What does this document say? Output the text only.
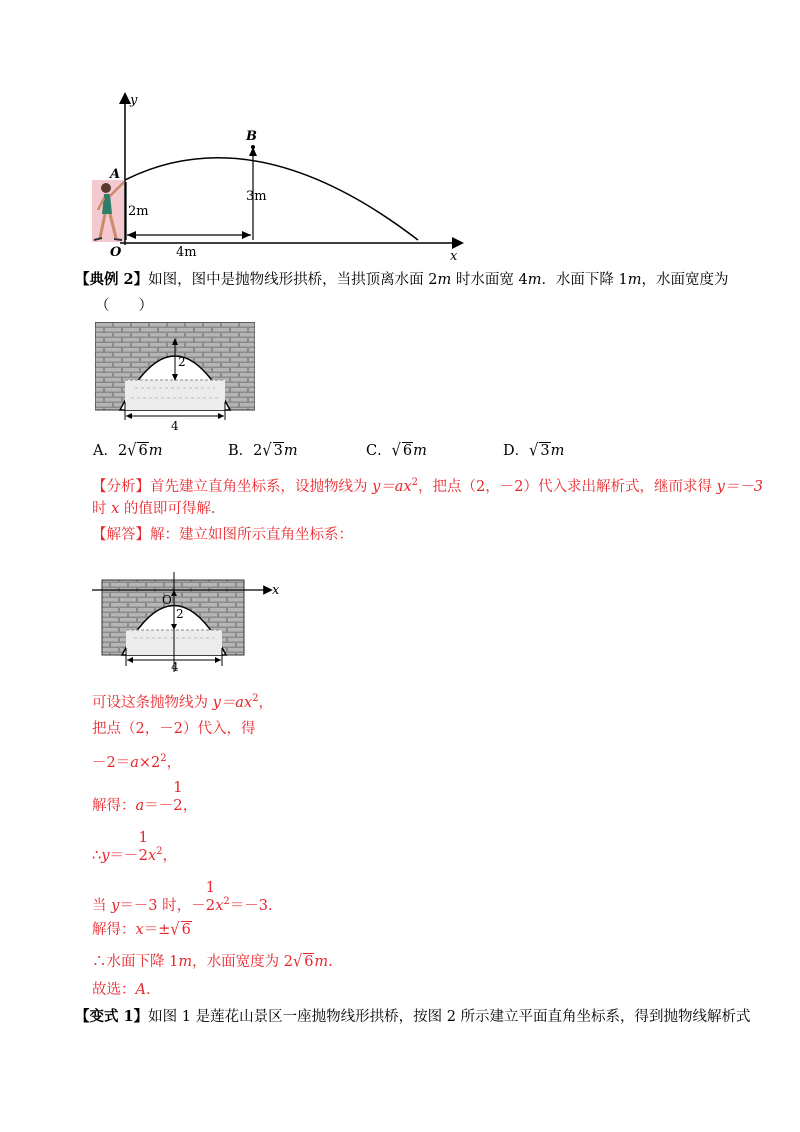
y
x
O
A
B
2m
3m
4m
【典例 2】如图，图中是抛物线形拱桥，当拱顶离水面 2m 时水面宽 4m．水面下降 1m，水面宽度为
（　　）
2
4
A．2√ 6m	B．2√ 3m	C．√ 6m	D．√ 3m
【分析】首先建立直角坐标系，设抛物线为 $y=ax^2$，把点（2，－2）代入求出解析式，继而求得 y＝－3
时 x 的值即可得解.
【解答】解：建立如图所示直角坐标系：
x
O
2
4
可设这条抛物线为 $y=ax^2$，
把点（2，－2）代入，得
$-2=a\times 2^2$，
解得：a＝－
1
2 ，
∴y＝－
1
2 $x^2$，
当 y＝－3 时，－
1
2 $x^2=-3$.
解得：x＝±√ 6
∴水面下降 1m，水面宽度为 2√ 6m.
故选：A.
【变式 1】如图 1 是莲花山景区一座抛物线形拱桥，按图 2 所示建立平面直角坐标系，得到抛物线解析式
